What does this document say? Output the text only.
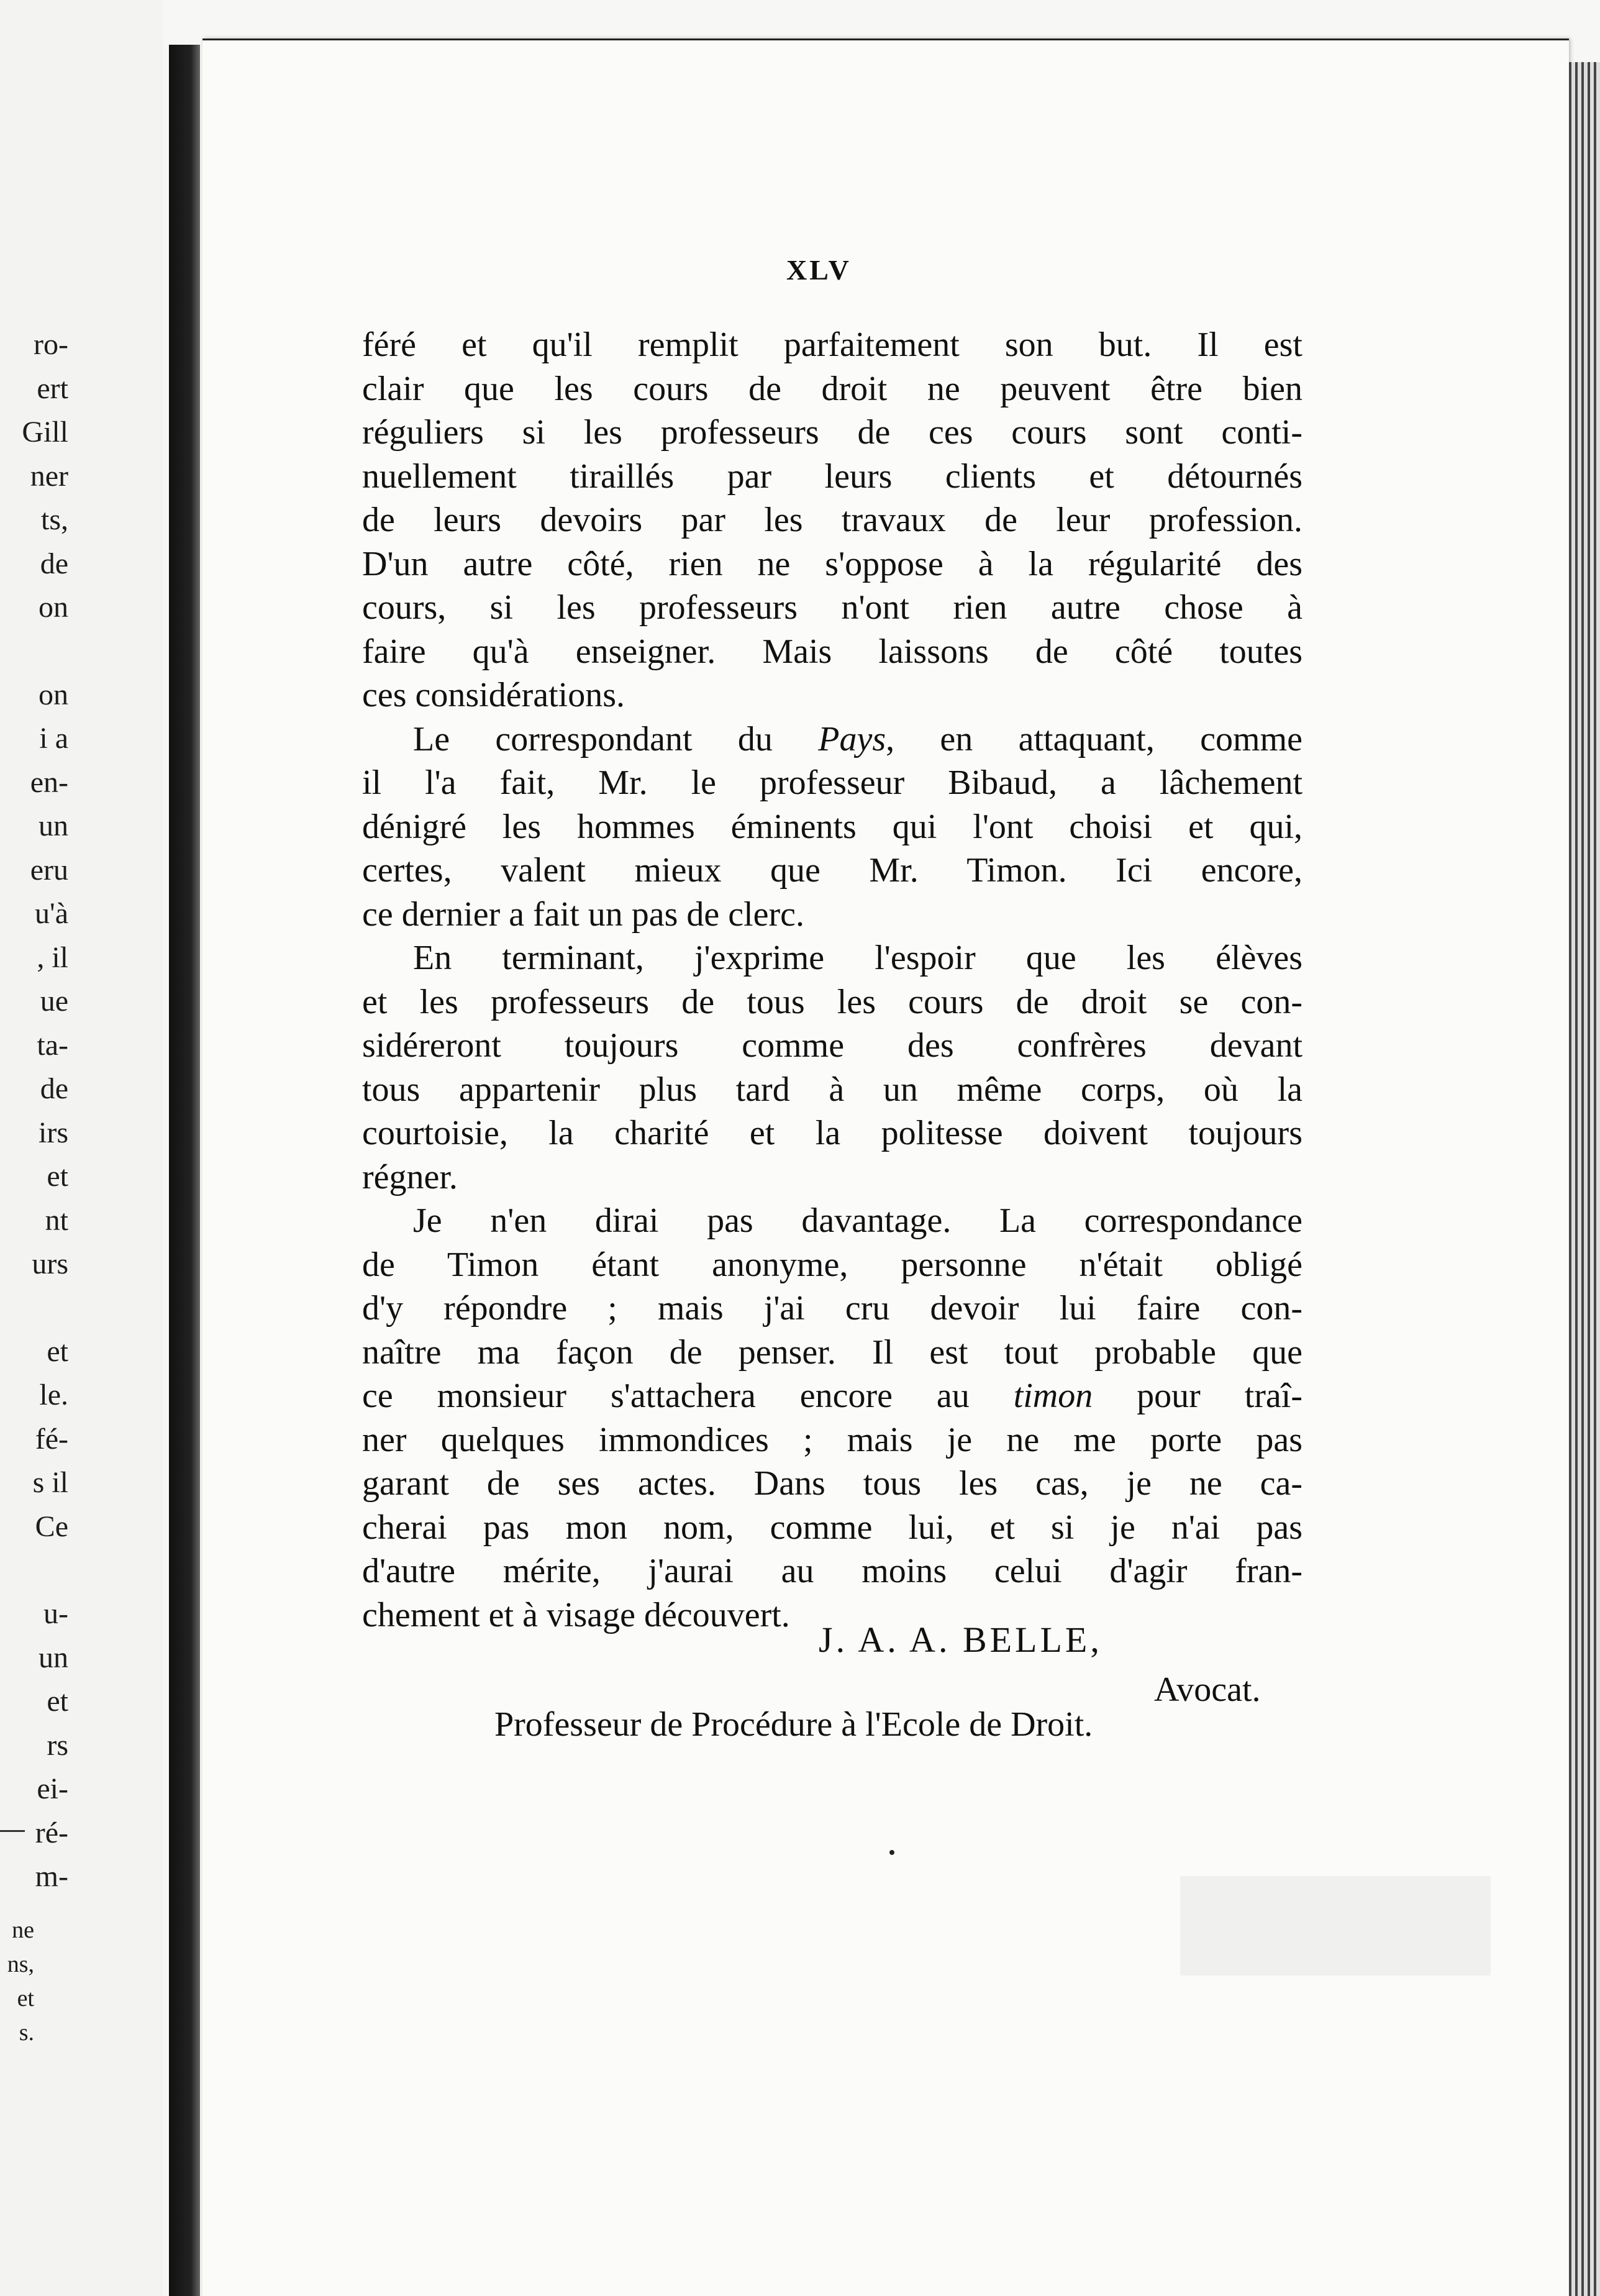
ro-
ert
Gill
ner
ts,
de
on
on
i a
en-
un
eru
u'à
, il
ue
ta-
de
irs
et
nt
urs
et
le.
fé-
s il
Ce
u-
un
et
rs
ei-
ré-
m-
ne
ns,
et
s.
XLV
féré et qu'il remplit parfaitement son but. Il est
clair que les cours de droit ne peuvent être bien
réguliers si les professeurs de ces cours sont conti-
nuellement tiraillés par leurs clients et détournés
de leurs devoirs par les travaux de leur profession.
D'un autre côté, rien ne s'oppose à la régularité des
cours, si les professeurs n'ont rien autre chose à
faire qu'à enseigner. Mais laissons de côté toutes
ces considérations.
Le correspondant du Pays, en attaquant, comme
il l'a fait, Mr. le professeur Bibaud, a lâchement
dénigré les hommes éminents qui l'ont choisi et qui,
certes, valent mieux que Mr. Timon. Ici encore,
ce dernier a fait un pas de clerc.
En terminant, j'exprime l'espoir que les élèves
et les professeurs de tous les cours de droit se con-
sidéreront toujours comme des confrères devant
tous appartenir plus tard à un même corps, où la
courtoisie, la charité et la politesse doivent toujours
régner.
Je n'en dirai pas davantage. La correspondance
de Timon étant anonyme, personne n'était obligé
d'y répondre ; mais j'ai cru devoir lui faire con-
naître ma façon de penser. Il est tout probable que
ce monsieur s'attachera encore au timon pour traî-
ner quelques immondices ; mais je ne me porte pas
garant de ses actes. Dans tous les cas, je ne ca-
cherai pas mon nom, comme lui, et si je n'ai pas
d'autre mérite, j'aurai au moins celui d'agir fran-
chement et à visage découvert.
J. A. A. BELLE,
Avocat.
Professeur de Procédure à l'Ecole de Droit.
